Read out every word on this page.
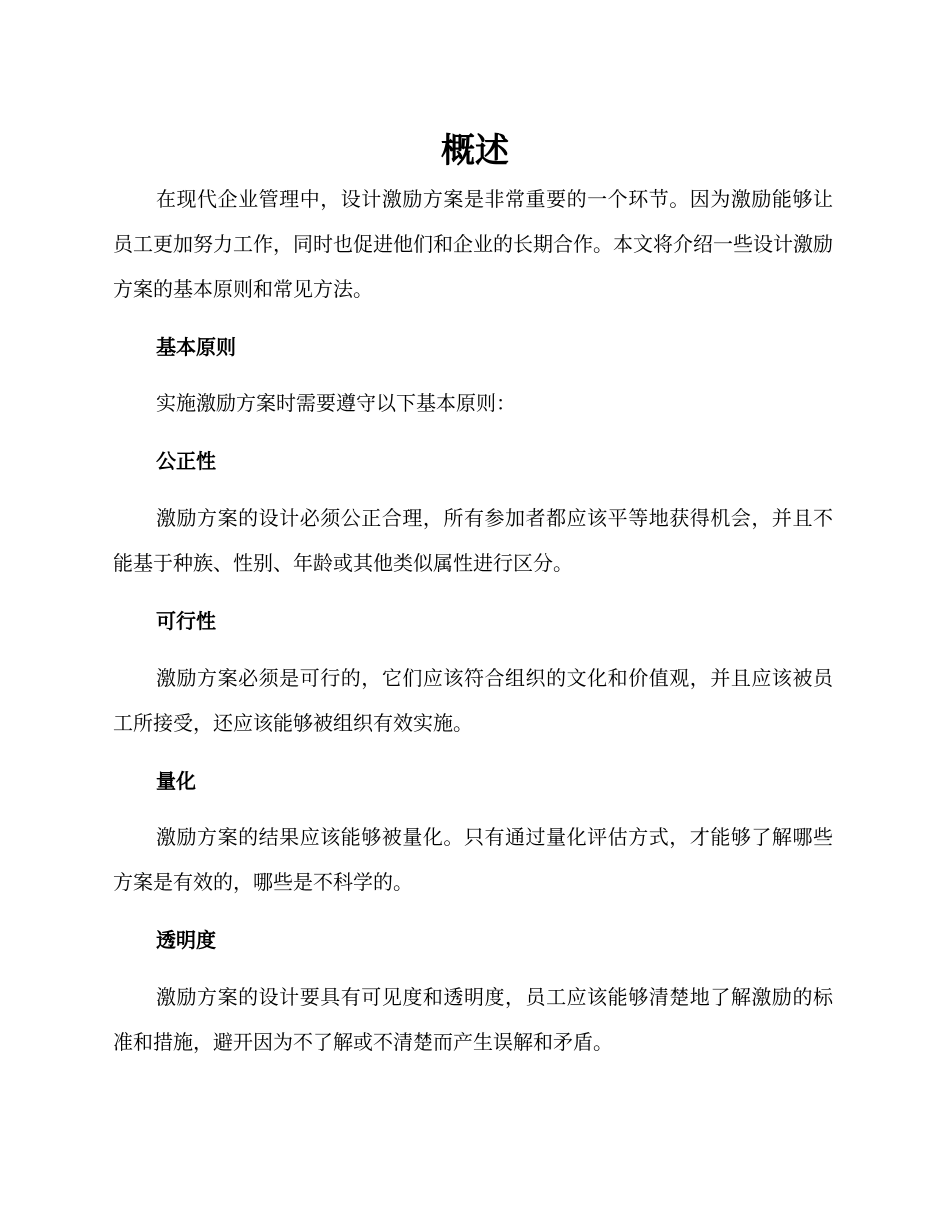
概述

在现代企业管理中，设计激励方案是非常重要的一个环节。因为激励能够让员工更加努力工作，同时也促进他们和企业的长期合作。本文将介绍一些设计激励方案的基本原则和常见方法。

基本原则

实施激励方案时需要遵守以下基本原则：

公正性

激励方案的设计必须公正合理，所有参加者都应该平等地获得机会，并且不能基于种族、性别、年龄或其他类似属性进行区分。

可行性

激励方案必须是可行的，它们应该符合组织的文化和价值观，并且应该被员工所接受，还应该能够被组织有效实施。

量化

激励方案的结果应该能够被量化。只有通过量化评估方式，才能够了解哪些方案是有效的，哪些是不科学的。

透明度

激励方案的设计要具有可见度和透明度，员工应该能够清楚地了解激励的标准和措施，避开因为不了解或不清楚而产生误解和矛盾。
